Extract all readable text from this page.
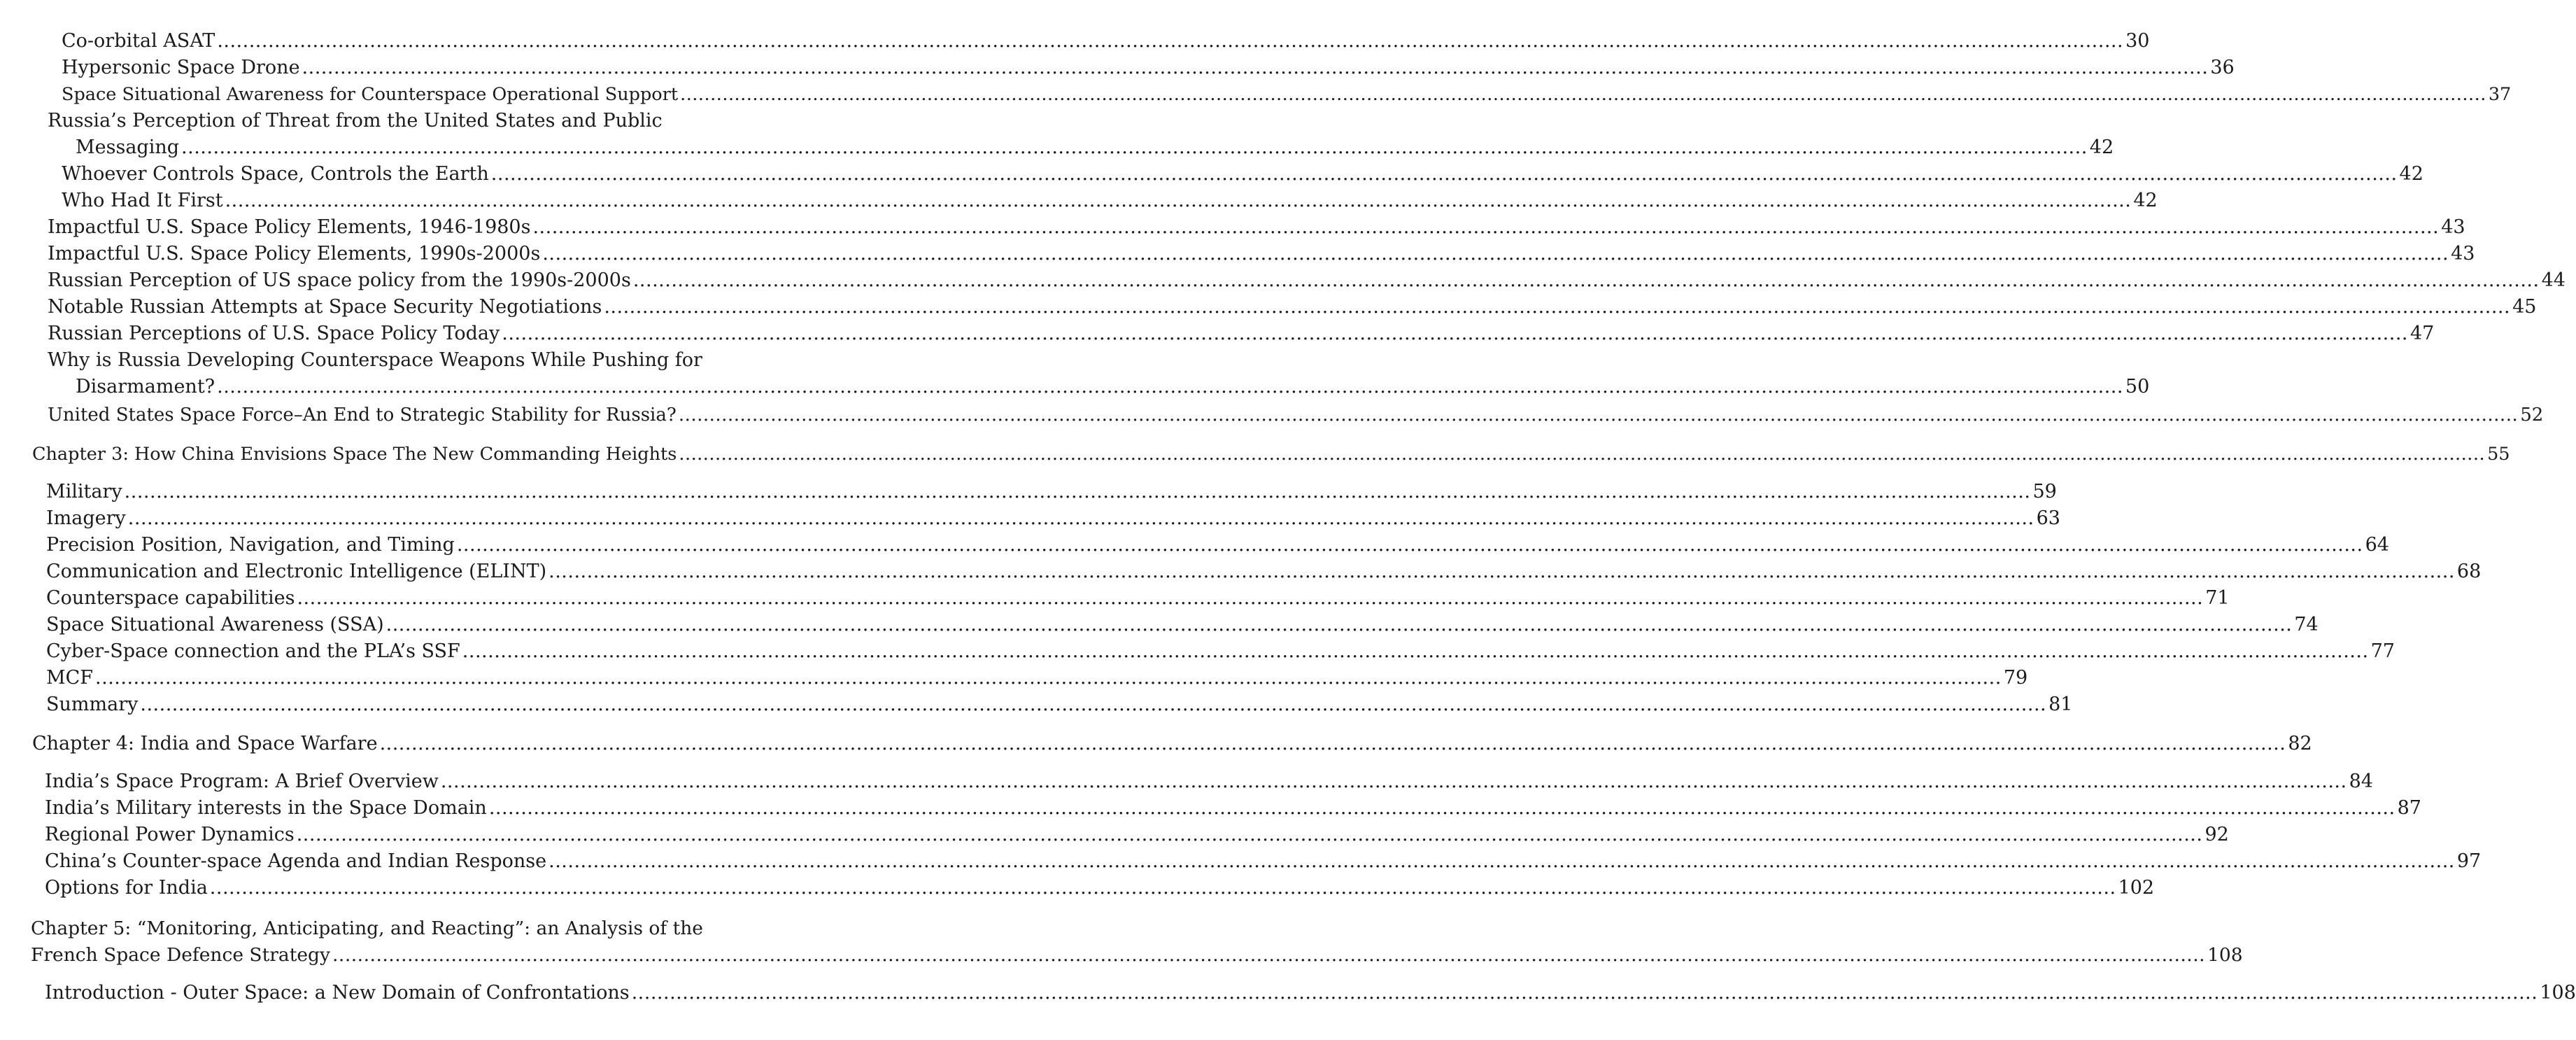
Co-orbital ASAT ............................................................................................................................................................................................................................................................................................................ 30
Hypersonic Space Drone ............................................................................................................................................................................................................................................................................................................ 36
Space Situational Awareness for Counterspace Operational Support ............................................................................................................................................................................................................................................................................................................ 37
Russia’s Perception of Threat from the United States and Public
Messaging ............................................................................................................................................................................................................................................................................................................ 42
Whoever Controls Space, Controls the Earth ............................................................................................................................................................................................................................................................................................................ 42
Who Had It First ............................................................................................................................................................................................................................................................................................................ 42
Impactful U.S. Space Policy Elements, 1946-1980s ............................................................................................................................................................................................................................................................................................................ 43
Impactful U.S. Space Policy Elements, 1990s-2000s ............................................................................................................................................................................................................................................................................................................ 43
Russian Perception of US space policy from the 1990s-2000s ............................................................................................................................................................................................................................................................................................................ 44
Notable Russian Attempts at Space Security Negotiations ............................................................................................................................................................................................................................................................................................................ 45
Russian Perceptions of U.S. Space Policy Today ............................................................................................................................................................................................................................................................................................................ 47
Why is Russia Developing Counterspace Weapons While Pushing for
Disarmament? ............................................................................................................................................................................................................................................................................................................ 50
United States Space Force–An End to Strategic Stability for Russia? ............................................................................................................................................................................................................................................................................................................ 52
Chapter 3: How China Envisions Space The New Commanding Heights ............................................................................................................................................................................................................................................................................................................ 55
Military ............................................................................................................................................................................................................................................................................................................ 59
Imagery ............................................................................................................................................................................................................................................................................................................ 63
Precision Position, Navigation, and Timing ............................................................................................................................................................................................................................................................................................................ 64
Communication and Electronic Intelligence (ELINT) ............................................................................................................................................................................................................................................................................................................ 68
Counterspace capabilities ............................................................................................................................................................................................................................................................................................................ 71
Space Situational Awareness (SSA) ............................................................................................................................................................................................................................................................................................................ 74
Cyber-Space connection and the PLA’s SSF ............................................................................................................................................................................................................................................................................................................ 77
MCF ............................................................................................................................................................................................................................................................................................................ 79
Summary ............................................................................................................................................................................................................................................................................................................ 81
Chapter 4: India and Space Warfare ............................................................................................................................................................................................................................................................................................................ 82
India’s Space Program: A Brief Overview ............................................................................................................................................................................................................................................................................................................ 84
India’s Military interests in the Space Domain ............................................................................................................................................................................................................................................................................................................ 87
Regional Power Dynamics ............................................................................................................................................................................................................................................................................................................ 92
China’s Counter-space Agenda and Indian Response ............................................................................................................................................................................................................................................................................................................ 97
Options for India ............................................................................................................................................................................................................................................................................................................ 102
Chapter 5: “Monitoring, Anticipating, and Reacting”: an Analysis of the
French Space Defence Strategy ............................................................................................................................................................................................................................................................................................................ 108
Introduction - Outer Space: a New Domain of Confrontations ............................................................................................................................................................................................................................................................................................................ 108
